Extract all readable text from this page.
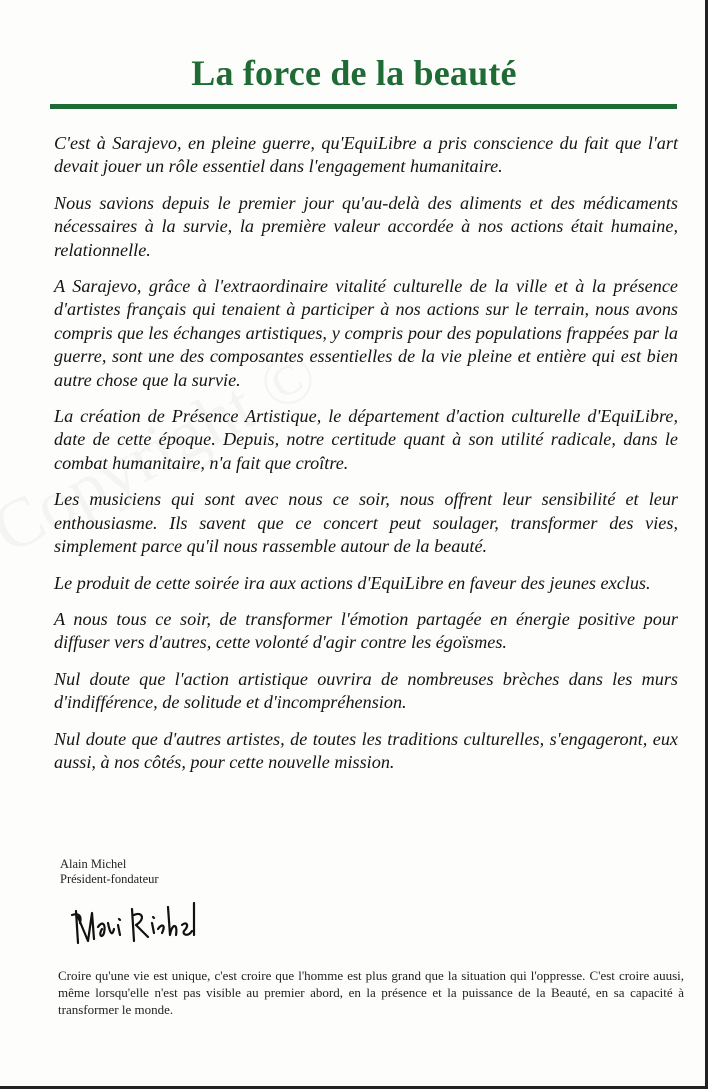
La force de la beauté

C'est à Sarajevo, en pleine guerre, qu'EquiLibre a pris conscience du fait que l'art devait jouer un rôle essentiel dans l'engagement humanitaire.

Nous savions depuis le premier jour qu'au-delà des aliments et des médicaments nécessaires à la survie, la première valeur accordée à nos actions était humaine, relationnelle.

A Sarajevo, grâce à l'extraordinaire vitalité culturelle de la ville et à la présence d'artistes français qui tenaient à participer à nos actions sur le terrain, nous avons compris que les échanges artistiques, y compris pour des populations frappées par la guerre, sont une des composantes essentielles de la vie pleine et entière qui est bien autre chose que la survie.

La création de Présence Artistique, le département d'action culturelle d'EquiLibre, date de cette époque. Depuis, notre certitude quant à son utilité radicale, dans le combat humanitaire, n'a fait que croître.

Les musiciens qui sont avec nous ce soir, nous offrent leur sensibilité et leur enthousiasme. Ils savent que ce concert peut soulager, transformer des vies, simplement parce qu'il nous rassemble autour de la beauté.

Le produit de cette soirée ira aux actions d'EquiLibre en faveur des jeunes exclus.

A nous tous ce soir, de transformer l'émotion partagée en énergie positive pour diffuser vers d'autres, cette volonté d'agir contre les égoïsmes.

Nul doute que l'action artistique ouvrira de nombreuses brèches dans les murs d'indifférence, de solitude et d'incompréhension.

Nul doute que d'autres artistes, de toutes les traditions culturelles, s'engageront, eux aussi, à nos côtés, pour cette nouvelle mission.

Alain Michel
Président-fondateur

Croire qu'une vie est unique, c'est croire que l'homme est plus grand que la situation qui l'oppresse. C'est croire auusi, même lorsqu'elle n'est pas visible au premier abord, en la présence et la puissance de la Beauté, en sa capacité à transformer le monde.
